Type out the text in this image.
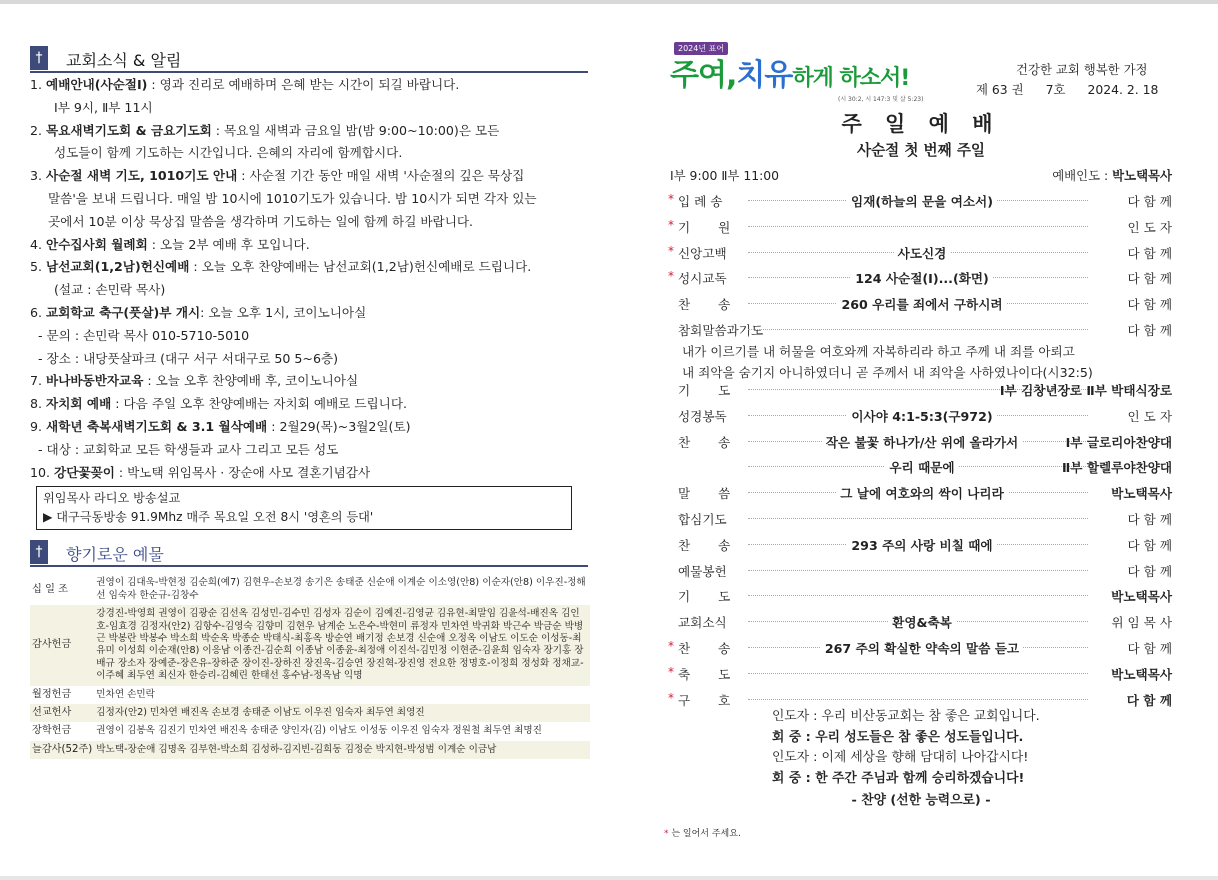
†	교회소식 & 알림
1. 예배안내(사순절Ⅰ) : 영과 진리로 예배하며 은혜 받는 시간이 되길 바랍니다.
Ⅰ부 9시, Ⅱ부 11시
2. 목요새벽기도회 & 금요기도회 : 목요일 새벽과 금요일 밤(밤 9:00~10:00)은 모든
성도들이 함께 기도하는 시간입니다. 은혜의 자리에 함께합시다.
3. 사순절 새벽 기도, 1010기도 안내 : 사순절 기간 동안 매일 새벽 '사순절의 깊은 묵상집
말씀'을 보내 드립니다. 매일 밤 10시에 1010기도가 있습니다. 밤 10시가 되면 각자 있는
곳에서 10분 이상 묵상집 말씀을 생각하며 기도하는 일에 함께 하길 바랍니다.
4. 안수집사회 월례회 : 오늘 2부 예배 후 모입니다.
5. 남선교회(1,2남)헌신예배 : 오늘 오후 찬양예배는 남선교회(1,2남)헌신예배로 드립니다.
(설교 : 손민락 목사)
6. 교회학교 축구(풋살)부 개시: 오늘 오후 1시, 코이노니아실
- 문의 : 손민락 목사 010-5710-5010
- 장소 : 내당풋살파크 (대구 서구 서대구로 50 5~6층)
7. 바나바동반자교육 : 오늘 오후 찬양예배 후, 코이노니아실
8. 자치회 예배 : 다음 주일 오후 찬양예배는 자치회 예배로 드립니다.
9. 새학년 축복새벽기도회 & 3.1 월삭예배 : 2월29(목)~3월2일(토)
- 대상 : 교회학교 모든 학생들과 교사 그리고 모든 성도
10. 강단꽃꽂이 : 박노택 위임목사 · 장순애 사모 결혼기념감사
위임목사 라디오 방송설교
▶ 대구극동방송 91.9Mhz 매주 목요일 오전 8시 '영혼의 등대'
†	향기로운 예물
십 일 조	권영이 김대욱-박현정 김순희(예7) 김현우-손보경 송기은 송태준 신순애 이계순 이소영(안8) 이순자(안8) 이우진-정해선 임숙자 한순규-김창수
감사헌금	강경진-박영희 권영이 김광순 김선옥 김성민-김수민 김성자 김순이 김예진-김영균 김유현-최말임 김윤석-배진옥 김인호-임효경 김정자(안2) 김항수-김영숙 김향미 김현우 남계순 노은수-박현미 류정자 민차연 박귀화 박근수 박금순 박병근 박봉란 박봉수 박소희 박순옥 박종순 박태식-최홍옥 방순연 배기정 손보경 신순애 오정옥 이남도 이도순 이성동-최유미 이성희 이순재(안8) 이응남 이종건-김순희 이종남 이종윤-최정애 이진석-김민정 이현준-김윤희 임숙자 장기홍 장배규 장소자 장예준-장은유-장하준 장이진-장하진 장진욱-김승연 장진혁-장진영 전요한 정명호-이정희 정성화 정채교-이주혜 최두연 최신자 한승리-김혜린 한태선 홍수남-정옥남 익명
월정헌금	민차연 손민락
선교헌사	김정자(안2) 민차연 배진옥 손보경 송태준 이남도 이우진 임숙자 최두연 최영진
장학헌금	권영이 김봉옥 김진기 민차연 배진옥 송태준 양인자(김) 이남도 이성동 이우진 임숙자 정원철 최두연 최명진
늘감사(52주)	박노택-장순애 김명옥 김부현-박소희 김성하-김지빈-김희동 김정순 박지현-박성범 이계순 이금남
2024년 표어
주여,치유하게 하소서!
(시 30:2, 시 147:3 및 살 5:23)
건강한 교회 행복한 가정
제 63 권 7호 2024. 2. 18
주 일 예 배
사순절 첫 번째 주일
Ⅰ부 9:00 Ⅱ부 11:00	예배인도 : 박노택목사
* 입 례 송	임재(하늘의 문을 여소서)	다 함 께
* 기 원	인 도 자
* 신앙고백	사도신경	다 함 께
* 성시교독	124 사순절(Ⅰ)...(화면)	다 함 께
찬 송	260 우리를 죄에서 구하시려	다 함 께
참회말씀과기도	다 함 께
내가 이르기를 내 허물을 여호와께 자복하리라 하고 주께 내 죄를 아뢰고
내 죄악을 숨기지 아니하였더니 곧 주께서 내 죄악을 사하였나이다(시32:5)
기 도	Ⅰ부 김창년장로 Ⅱ부 박태식장로
성경봉독	이사야 4:1-5:3(구972)	인 도 자
찬 송	작은 불꽃 하나가/산 위에 올라가서	Ⅰ부 글로리아찬양대
우리 때문에	Ⅱ부 할렐루야찬양대
말 씀	그 날에 여호와의 싹이 나리라	박노택목사
합심기도	다 함 께
찬 송	293 주의 사랑 비칠 때에	다 함 께
예물봉헌	다 함 께
기 도	박노택목사
교회소식	환영&축복	위 임 목 사
* 찬 송	267 주의 확실한 약속의 말씀 듣고	다 함 께
* 축 도	박노택목사
* 구 호	다 함 께
인도자 : 우리 비산동교회는 참 좋은 교회입니다.
회 중 : 우리 성도들은 참 좋은 성도들입니다.
인도자 : 이제 세상을 향해 담대히 나아갑시다!
회 중 : 한 주간 주님과 함께 승리하겠습니다!
- 찬양 (선한 능력으로) -
* 는 일어서 주세요.
